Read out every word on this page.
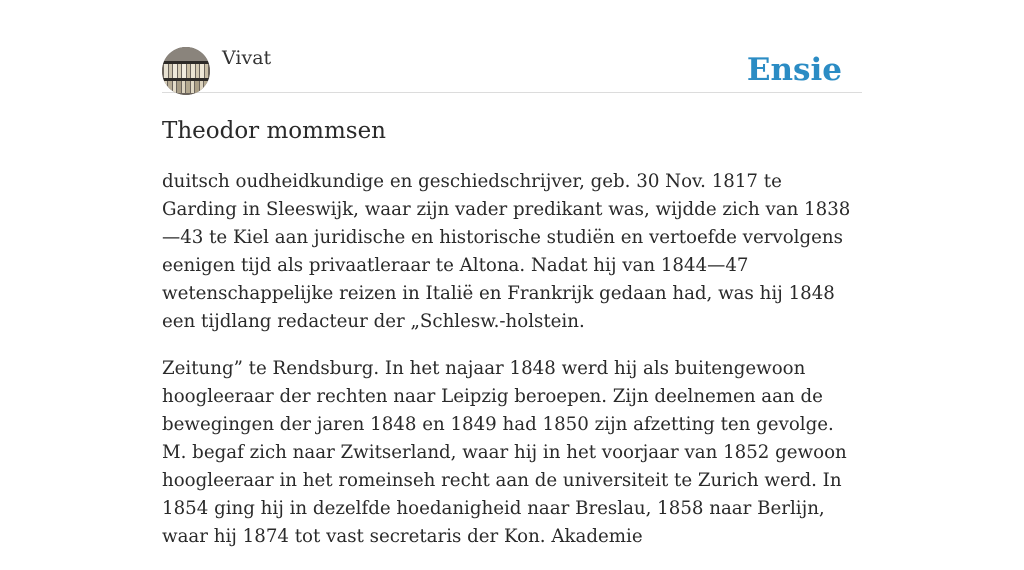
Vivat	Ensie
Theodor mommsen

duitsch oudheidkundige en geschiedschrijver, geb. 30 Nov. 1817 te Garding in Sleeswijk, waar zijn vader predikant was, wijdde zich van 1838—43 te Kiel aan juridische en historische studiën en vertoefde vervolgens eenigen tijd als privaatleraar te Altona. Nadat hij van 1844—47 wetenschappelijke reizen in Italië en Frankrijk gedaan had, was hij 1848 een tijdlang redacteur der „Schlesw.-holstein.

Zeitung” te Rendsburg. In het najaar 1848 werd hij als buitengewoon hoogleeraar der rechten naar Leipzig beroepen. Zijn deelnemen aan de bewegingen der jaren 1848 en 1849 had 1850 zijn afzetting ten gevolge. M. begaf zich naar Zwitserland, waar hij in het voorjaar van 1852 gewoon hoogleeraar in het romeinseh recht aan de universiteit te Zurich werd. In 1854 ging hij in dezelfde hoedanigheid naar Breslau, 1858 naar Berlijn, waar hij 1874 tot vast secretaris der Kon. Akademie
